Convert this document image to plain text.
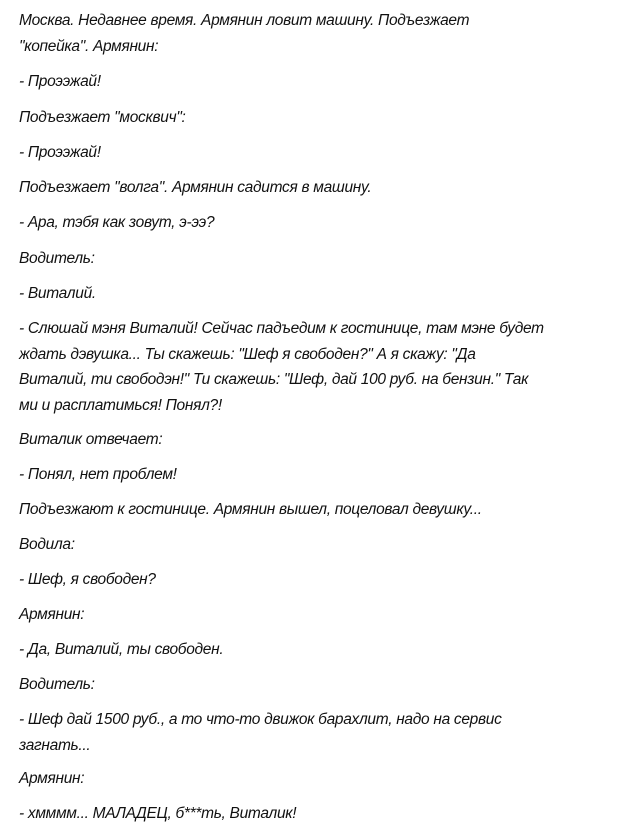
Москва. Недавнее время. Армянин ловит машину. Подъезжает
"копейка". Армянин:
- Проээжай!
Подъезжает "москвич":
- Проээжай!
Подъезжает "волга". Армянин садится в машину.
- Ара, тэбя как зовут, э-ээ?
Водитель:
- Виталий.
- Слюшай мэня Виталий! Сейчас падъедим к гостинице, там мэне будет
ждать дэвушка... Ты скажешь: "Шеф я свободен?" А я скажу: "Да
Виталий, ти свободэн!" Ти скажешь: "Шеф, дай 100 руб. на бензин." Так
ми и расплатимься! Понял?!
Виталик отвечает:
- Понял, нет проблем!
Подъезжают к гостинице. Армянин вышел, поцеловал девушку...
Водила:
- Шеф, я свободен?
Армянин:
- Да, Виталий, ты свободен.
Водитель:
- Шеф дай 1500 руб., а то что-то движок барахлит, надо на сервис
загнать...
Армянин:
- хмммм... МАЛАДЕЦ, б***ть, Виталик!
